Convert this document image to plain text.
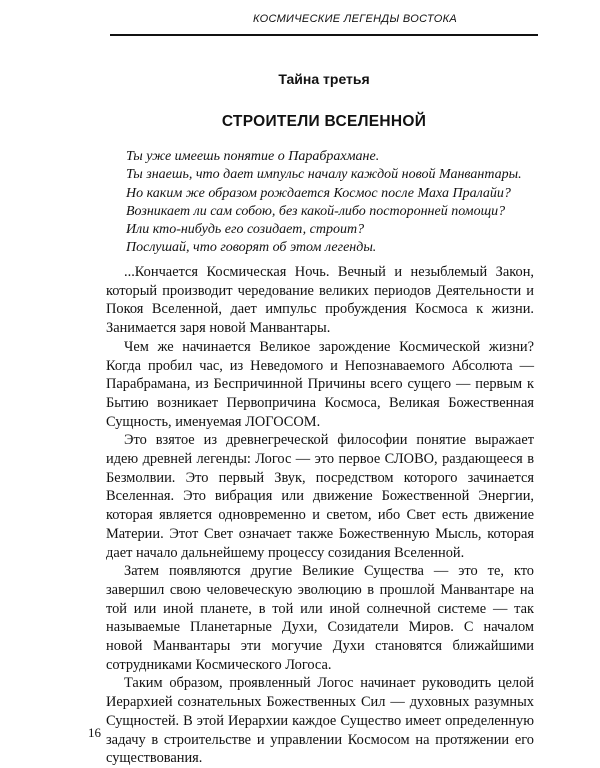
КОСМИЧЕСКИЕ ЛЕГЕНДЫ ВОСТОКА
Тайна третья
СТРОИТЕЛИ ВСЕЛЕННОЙ
Ты уже имеешь понятие о Парабрахмане.
Ты знаешь, что дает импульс началу каждой новой Манвантары.
Но каким же образом рождается Космос после Маха Пралайи?
Возникает ли сам собою, без какой-либо посторонней помощи?
Или кто-нибудь его созидает, строит?
Послушай, что говорят об этом легенды.

...Кончается Космическая Ночь. Вечный и незыблемый Закон, который производит чередование великих периодов Деятельности и Покоя Вселенной, дает импульс пробуждения Космоса к жизни. Занимается заря новой Манвантары.

Чем же начинается Великое зарождение Космической жизни? Когда пробил час, из Неведомого и Непознаваемого Абсолюта — Парабрамана, из Беспричинной Причины всего сущего — первым к Бытию возникает Первопричина Космоса, Великая Божественная Сущность, именуемая ЛОГОСОМ.

Это взятое из древнегреческой философии понятие выражает идею древней легенды: Логос — это первое СЛОВО, раздающееся в Безмолвии. Это первый Звук, посредством которого зачинается Вселенная. Это вибрация или движение Божественной Энергии, которая является одновременно и светом, ибо Свет есть движение Материи. Этот Свет означает также Божественную Мысль, которая дает начало дальнейшему процессу созидания Вселенной.

Затем появляются другие Великие Существа — это те, кто завершил свою человеческую эволюцию в прошлой Манвантаре на той или иной планете, в той или иной солнечной системе — так называемые Планетарные Духи, Созидатели Миров. С началом новой Манвантары эти могучие Духи становятся ближайшими сотрудниками Космического Логоса.

Таким образом, проявленный Логос начинает руководить целой Иерархией сознательных Божественных Сил — духовных разумных Сущностей. В этой Иерархии каждое Существо имеет определенную задачу в строительстве и управлении Космосом на протяжении его существования.

16
